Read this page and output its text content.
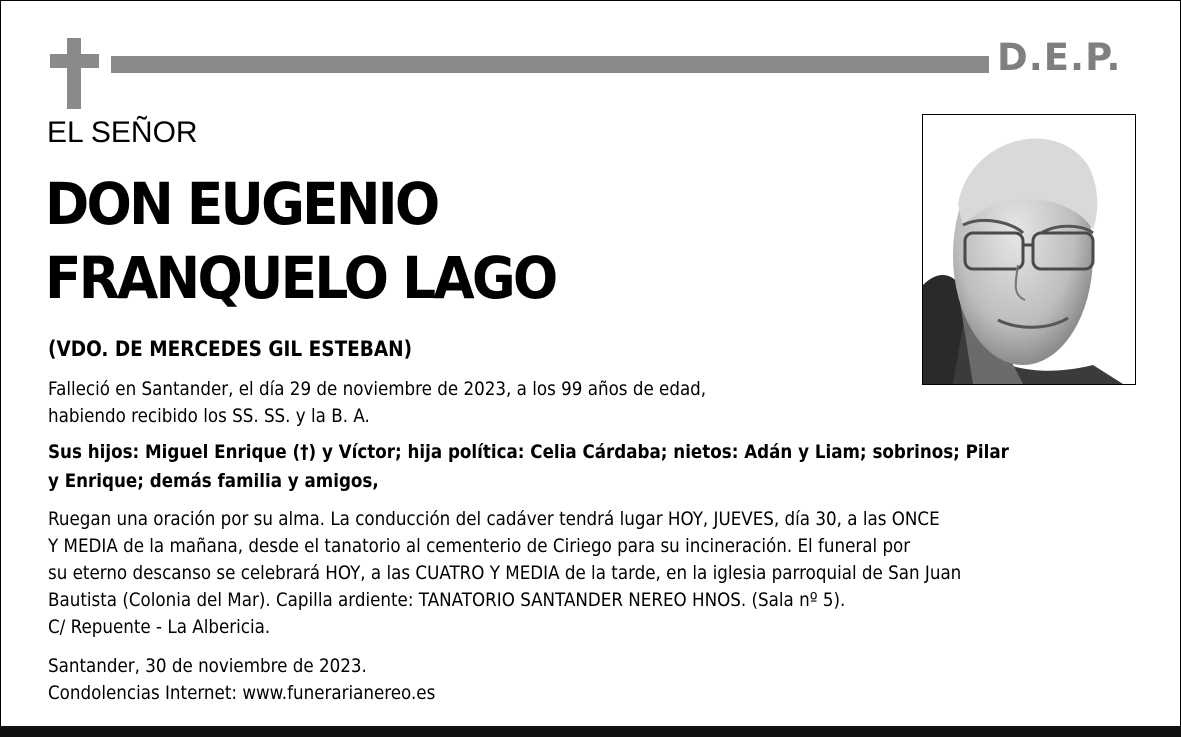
D.E.P.
EL SEÑOR
DON EUGENIO
FRANQUELO LAGO
(VDO. DE MERCEDES GIL ESTEBAN)
Falleció en Santander, el día 29 de noviembre de 2023, a los 99 años de edad,
habiendo recibido los SS. SS. y la B. A.
Sus hijos: Miguel Enrique (†) y Víctor; hija política: Celia Cárdaba; nietos: Adán y Liam; sobrinos; Pilar
y Enrique; demás familia y amigos,
Ruegan una oración por su alma. La conducción del cadáver tendrá lugar HOY, JUEVES, día 30, a las ONCE
Y MEDIA de la mañana, desde el tanatorio al cementerio de Ciriego para su incineración. El funeral por
su eterno descanso se celebrará HOY, a las CUATRO Y MEDIA de la tarde, en la iglesia parroquial de San Juan
Bautista (Colonia del Mar). Capilla ardiente: TANATORIO SANTANDER NEREO HNOS. (Sala nº 5).
C/ Repuente - La Albericia.
Santander, 30 de noviembre de 2023.
Condolencias Internet: www.funerarianereo.es
